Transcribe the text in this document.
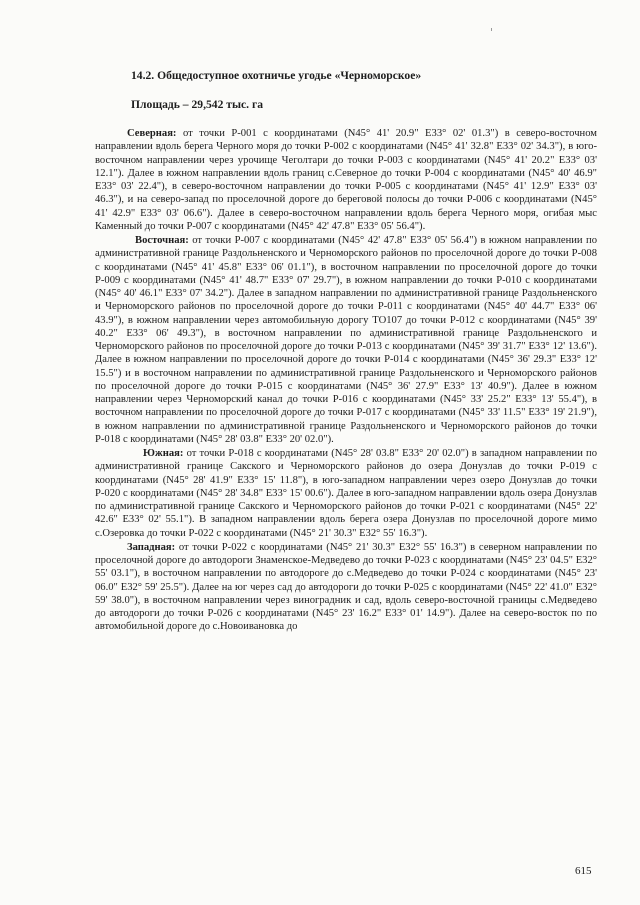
14.2. Общедоступное охотничье угодье «Черноморское»

Площадь – 29,542 тыс. га

Северная: от точки Р-001 с координатами (N45° 41' 20.9" E33° 02' 01.3") в северо-восточном направлении вдоль берега Черного моря до точки Р-002 с координатами (N45° 41' 32.8" E33° 02' 34.3"), в юго-восточном направлении через урочище Чеголтари до точки Р-003 с координатами (N45° 41' 20.2" E33° 03' 12.1"). Далее в южном направлении вдоль границ с.Северное до точки Р-004 с координатами (N45° 40' 46.9" E33° 03' 22.4"), в северо-восточном направлении до точки Р-005 с координатами (N45° 41' 12.9" E33° 03' 46.3"), и на северо-запад по проселочной дороге до береговой полосы до точки Р-006 с координатами (N45° 41' 42.9" E33° 03' 06.6"). Далее в северо-восточном направлении вдоль берега Черного моря, огибая мыс Каменный до точки Р-007 с координатами (N45° 42' 47.8" E33° 05' 56.4").

Восточная: от точки Р-007 с координатами (N45° 42' 47.8" E33° 05' 56.4") в южном направлении по административной границе Раздольненского и Черноморского районов по проселочной дороге до точки Р-008 с координатами (N45° 41' 45.8" E33° 06' 01.1"), в восточном направлении по проселочной дороге до точки Р-009 с координатами (N45° 41' 48.7" E33° 07' 29.7"), в южном направлении до точки Р-010 с координатами (N45° 40' 46.1" E33° 07' 34.2"). Далее в западном направлении по административной границе Раздольненского и Черноморского районов по проселочной дороге до точки Р-011 с координатами (N45° 40' 44.7" E33° 06' 43.9"), в южном направлении через автомобильную дорогу ТО107 до точки Р-012 с координатами (N45° 39' 40.2" E33° 06' 49.3"), в восточном направлении по административной границе Раздольненского и Черноморского районов по проселочной дороге до точки Р-013 с координатами (N45° 39' 31.7" E33° 12' 13.6"). Далее в южном направлении по проселочной дороге до точки Р-014 с координатами (N45° 36' 29.3" E33° 12' 15.5") и в восточном направлении по административной границе Раздольненского и Черноморского районов по проселочной дороге до точки Р-015 с координатами (N45° 36' 27.9" E33° 13' 40.9"). Далее в южном направлении через Черноморский канал до точки Р-016 с координатами (N45° 33' 25.2" E33° 13' 55.4"), в восточном направлении по проселочной дороге до точки Р-017 с координатами (N45° 33' 11.5" E33° 19' 21.9"), в южном направлении по административной границе Раздольненского и Черноморского районов до точки Р-018 с координатами (N45° 28' 03.8" E33° 20' 02.0").

Южная: от точки Р-018 с координатами (N45° 28' 03.8" E33° 20' 02.0") в западном направлении по административной границе Сакского и Черноморского районов до озера Донузлав до точки Р-019 с координатами (N45° 28' 41.9" E33° 15' 11.8"), в юго-западном направлении через озеро Донузлав до точки Р-020 с координатами (N45° 28' 34.8" E33° 15' 00.6"). Далее в юго-западном направлении вдоль озера Донузлав по административной границе Сакского и Черноморского районов до точки Р-021 с координатами (N45° 22' 42.6" E33° 02' 55.1"). В западном направлении вдоль берега озера Донузлав по проселочной дороге мимо с.Озеровка до точки Р-022 с координатами (N45° 21' 30.3" E32° 55' 16.3").

Западная: от точки Р-022 с координатами (N45° 21' 30.3" E32° 55' 16.3") в северном направлении по проселочной дороге до автодороги Знаменское-Медведево до точки Р-023 с координатами (N45° 23' 04.5" E32° 55' 03.1"), в восточном направлении по автодороге до с.Медведево до точки Р-024 с координатами (N45° 23' 06.0" E32° 59' 25.5"). Далее на юг через сад до автодороги до точки Р-025 с координатами (N45° 22' 41.0" E32° 59' 38.0"), в восточном направлении через виноградник и сад, вдоль северо-восточной границы с.Медведево до автодороги до точки Р-026 с координатами (N45° 23' 16.2" E33° 01' 14.9"). Далее на северо-восток по по автомобильной дороге до с.Новоивановка до

615
